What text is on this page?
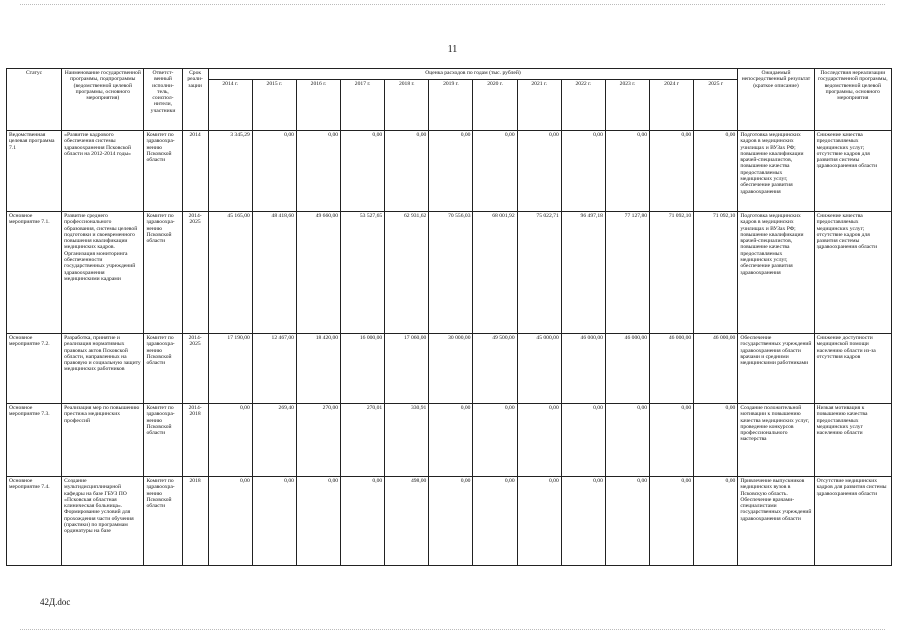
11
Статус	Наименование государственной программы, подпрограммы (ведомственной целевой программы, основного мероприятия)	Ответст-венный исполни-тель, соиспол-нители, участники	Срок реали-зации	Оценка расходов по годам (тыс. рублей)												Ожидаемый непосредственный результат (краткое описание)	Последствия нереализации государственной программы, ведомственной целевой программы, основного мероприятия
				2014 г.	2015 г.	2016 г.	2017 г.	2018 г.	2019 г.	2020 г.	2021 г.	2022 г.	2023 г.	2024 г	2025 г		
Ведомственная целевая программа 7.1	«Развитие кадрового обеспечения системы здравоохранения Псковской области на 2012-2014 годы»	Комитет по здравоохра-нению Псковской области	2014	3 345,29	0,00	0,00	0,00	0,00	0,00	0,00	0,00	0,00	0,00	0,00	0,00	Подготовка медицинских кадров в медицинских училищах и ВУЗах РФ; повышение квалификации врачей-специалистов, повышение качества предоставляемых медицинских услуг, обеспечение развития здравоохранения	Снижение качества предоставляемых медицинских услуг; отсутствие кадров для развития системы здравоохранения области
Основное мероприятие 7.1.	Развитие среднего профессионального образования, системы целевой подготовки и своевременного повышения квалификации медицинских кадров. Организация мониторинга обеспеченности государственных учреждений здравоохранения медицинскими кадрами	Комитет по здравоохра-нению Псковской области	2014-2025	45 165,00	48 418,60	49 660,00	53 527,65	62 931,62	70 556,03	68 001,92	75 022,71	96 497,18	77 127,80	71 092,10	71 092,10	Подготовка медицинских кадров в медицинских училищах и ВУЗах РФ; повышение квалификации врачей-специалистов, повышение качества предоставляемых медицинских услуг, обеспечение развития здравоохранения	Снижение качества предоставляемых медицинских услуг; отсутствие кадров для развития системы здравоохранения области
Основное мероприятие 7.2.	Разработка, принятие и реализация нормативных правовых актов Псковской области, направленных на правовую и социальную защиту медицинских работников	Комитет по здравоохра-нению Псковской области	2014-2025	17 190,00	12 467,00	18 420,00	16 000,00	17 060,00	30 000,00	49 500,00	45 000,00	46 000,00	46 000,00	46 000,00	46 000,00	Обеспечение государственных учреждений здравоохранения области врачами и средними медицинскими работниками	Снижение доступности медицинской помощи населению области из-за отсутствия кадров
Основное мероприятие 7.3.	Реализация мер по повышению престижа медицинских профессий	Комитет по здравоохра-нению Псковской области	2014-2018	0,00	269,40	270,00	270,01	330,91	0,00	0,00	0,00	0,00	0,00	0,00	0,00	Создание положительной мотивации к повышению качества медицинских услуг, проведение конкурсов профессионального мастерства	Низкая мотивация к повышению качества предоставляемых медицинских услуг населению области
Основное мероприятие 7.4.	Создание мультидисциплинарной кафедры на базе ГБУЗ ПО «Псковская областная клиническая больница». Формирование условий для прохождения части обучения (практики) по программам ординатуры на базе	Комитет по здравоохра-нению Псковской области	2018	0,00	0,00	0,00	0,00	498,00	0,00	0,00	0,00	0,00	0,00	0,00	0,00	Привлечение выпускников медицинских вузов в Псковскую область. Обеспечение врачами-специалистами государственных учреждений здравоохранения области	Отсутствие медицинских кадров для развития системы здравоохранения области
42Д.doc
